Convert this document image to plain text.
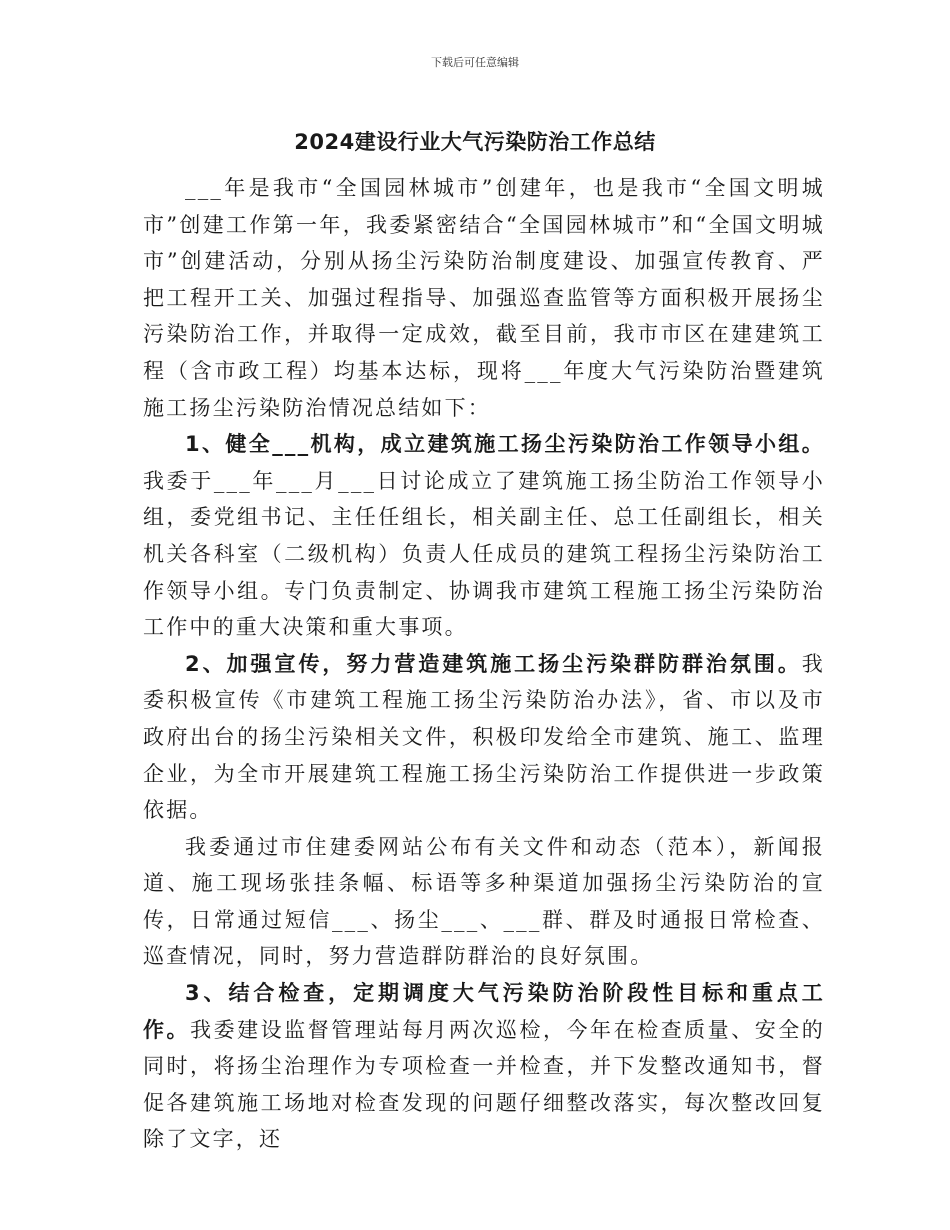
下载后可任意编辑
2024建设行业大气污染防治工作总结

___年是我市“全国园林城市”创建年，也是我市“全国文明城市”创建工作第一年，我委紧密结合“全国园林城市”和“全国文明城市”创建活动，分别从扬尘污染防治制度建设、加强宣传教育、严把工程开工关、加强过程指导、加强巡查监管等方面积极开展扬尘污染防治工作，并取得一定成效，截至目前，我市市区在建建筑工程（含市政工程）均基本达标，现将___年度大气污染防治暨建筑施工扬尘污染防治情况总结如下：

1、健全___机构，成立建筑施工扬尘污染防治工作领导小组。我委于___年___月___日讨论成立了建筑施工扬尘防治工作领导小组，委党组书记、主任任组长，相关副主任、总工任副组长，相关机关各科室（二级机构）负责人任成员的建筑工程扬尘污染防治工作领导小组。专门负责制定、协调我市建筑工程施工扬尘污染防治工作中的重大决策和重大事项。

2、加强宣传，努力营造建筑施工扬尘污染群防群治氛围。我委积极宣传《市建筑工程施工扬尘污染防治办法》，省、市以及市政府出台的扬尘污染相关文件，积极印发给全市建筑、施工、监理企业，为全市开展建筑工程施工扬尘污染防治工作提供进一步政策依据。

我委通过市住建委网站公布有关文件和动态（范本），新闻报道、施工现场张挂条幅、标语等多种渠道加强扬尘污染防治的宣传，日常通过短信___、扬尘___、___群、群及时通报日常检查、巡查情况，同时，努力营造群防群治的良好氛围。

3、结合检查，定期调度大气污染防治阶段性目标和重点工作。我委建设监督管理站每月两次巡检，今年在检查质量、安全的同时，将扬尘治理作为专项检查一并检查，并下发整改通知书，督促各建筑施工场地对检查发现的问题仔细整改落实，每次整改回复除了文字，还
